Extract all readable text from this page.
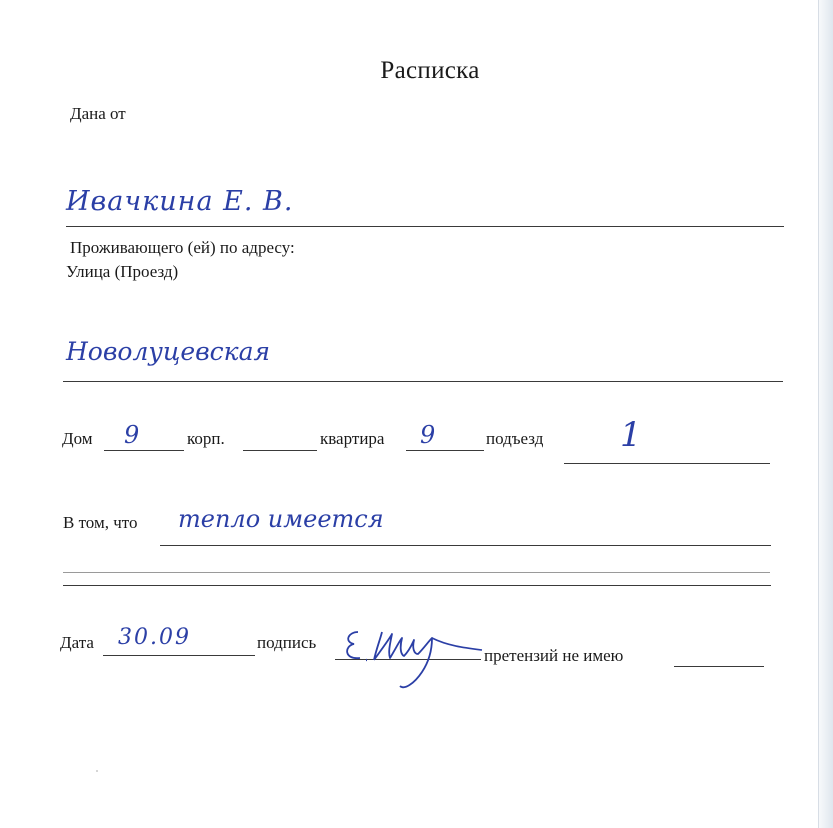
Расписка
Дана от
Ивачкина Е. В.
Проживающего (ей) по адресу:
Улица (Проезд)
Новолуцевская
Дом 9	корп.	квартира 9	подъезд 1
В том, что тепло имеется
Дата 30.09	подпись
претензий не имею
